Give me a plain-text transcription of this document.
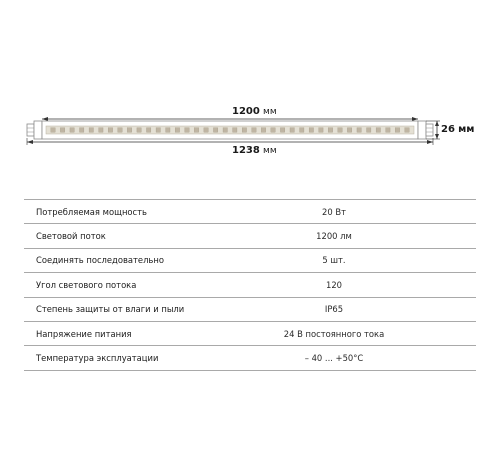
1200 мм
1238 мм
26 мм
Потребляемая мощность	20 Вт
Световой поток	1200 лм
Соединять последовательно	5 шт.
Угол светового потока	120
Степень защиты от влаги и пыли	IP65
Напряжение питания	24 В постоянного тока
Температура эксплуатации	– 40 ... +50°С
